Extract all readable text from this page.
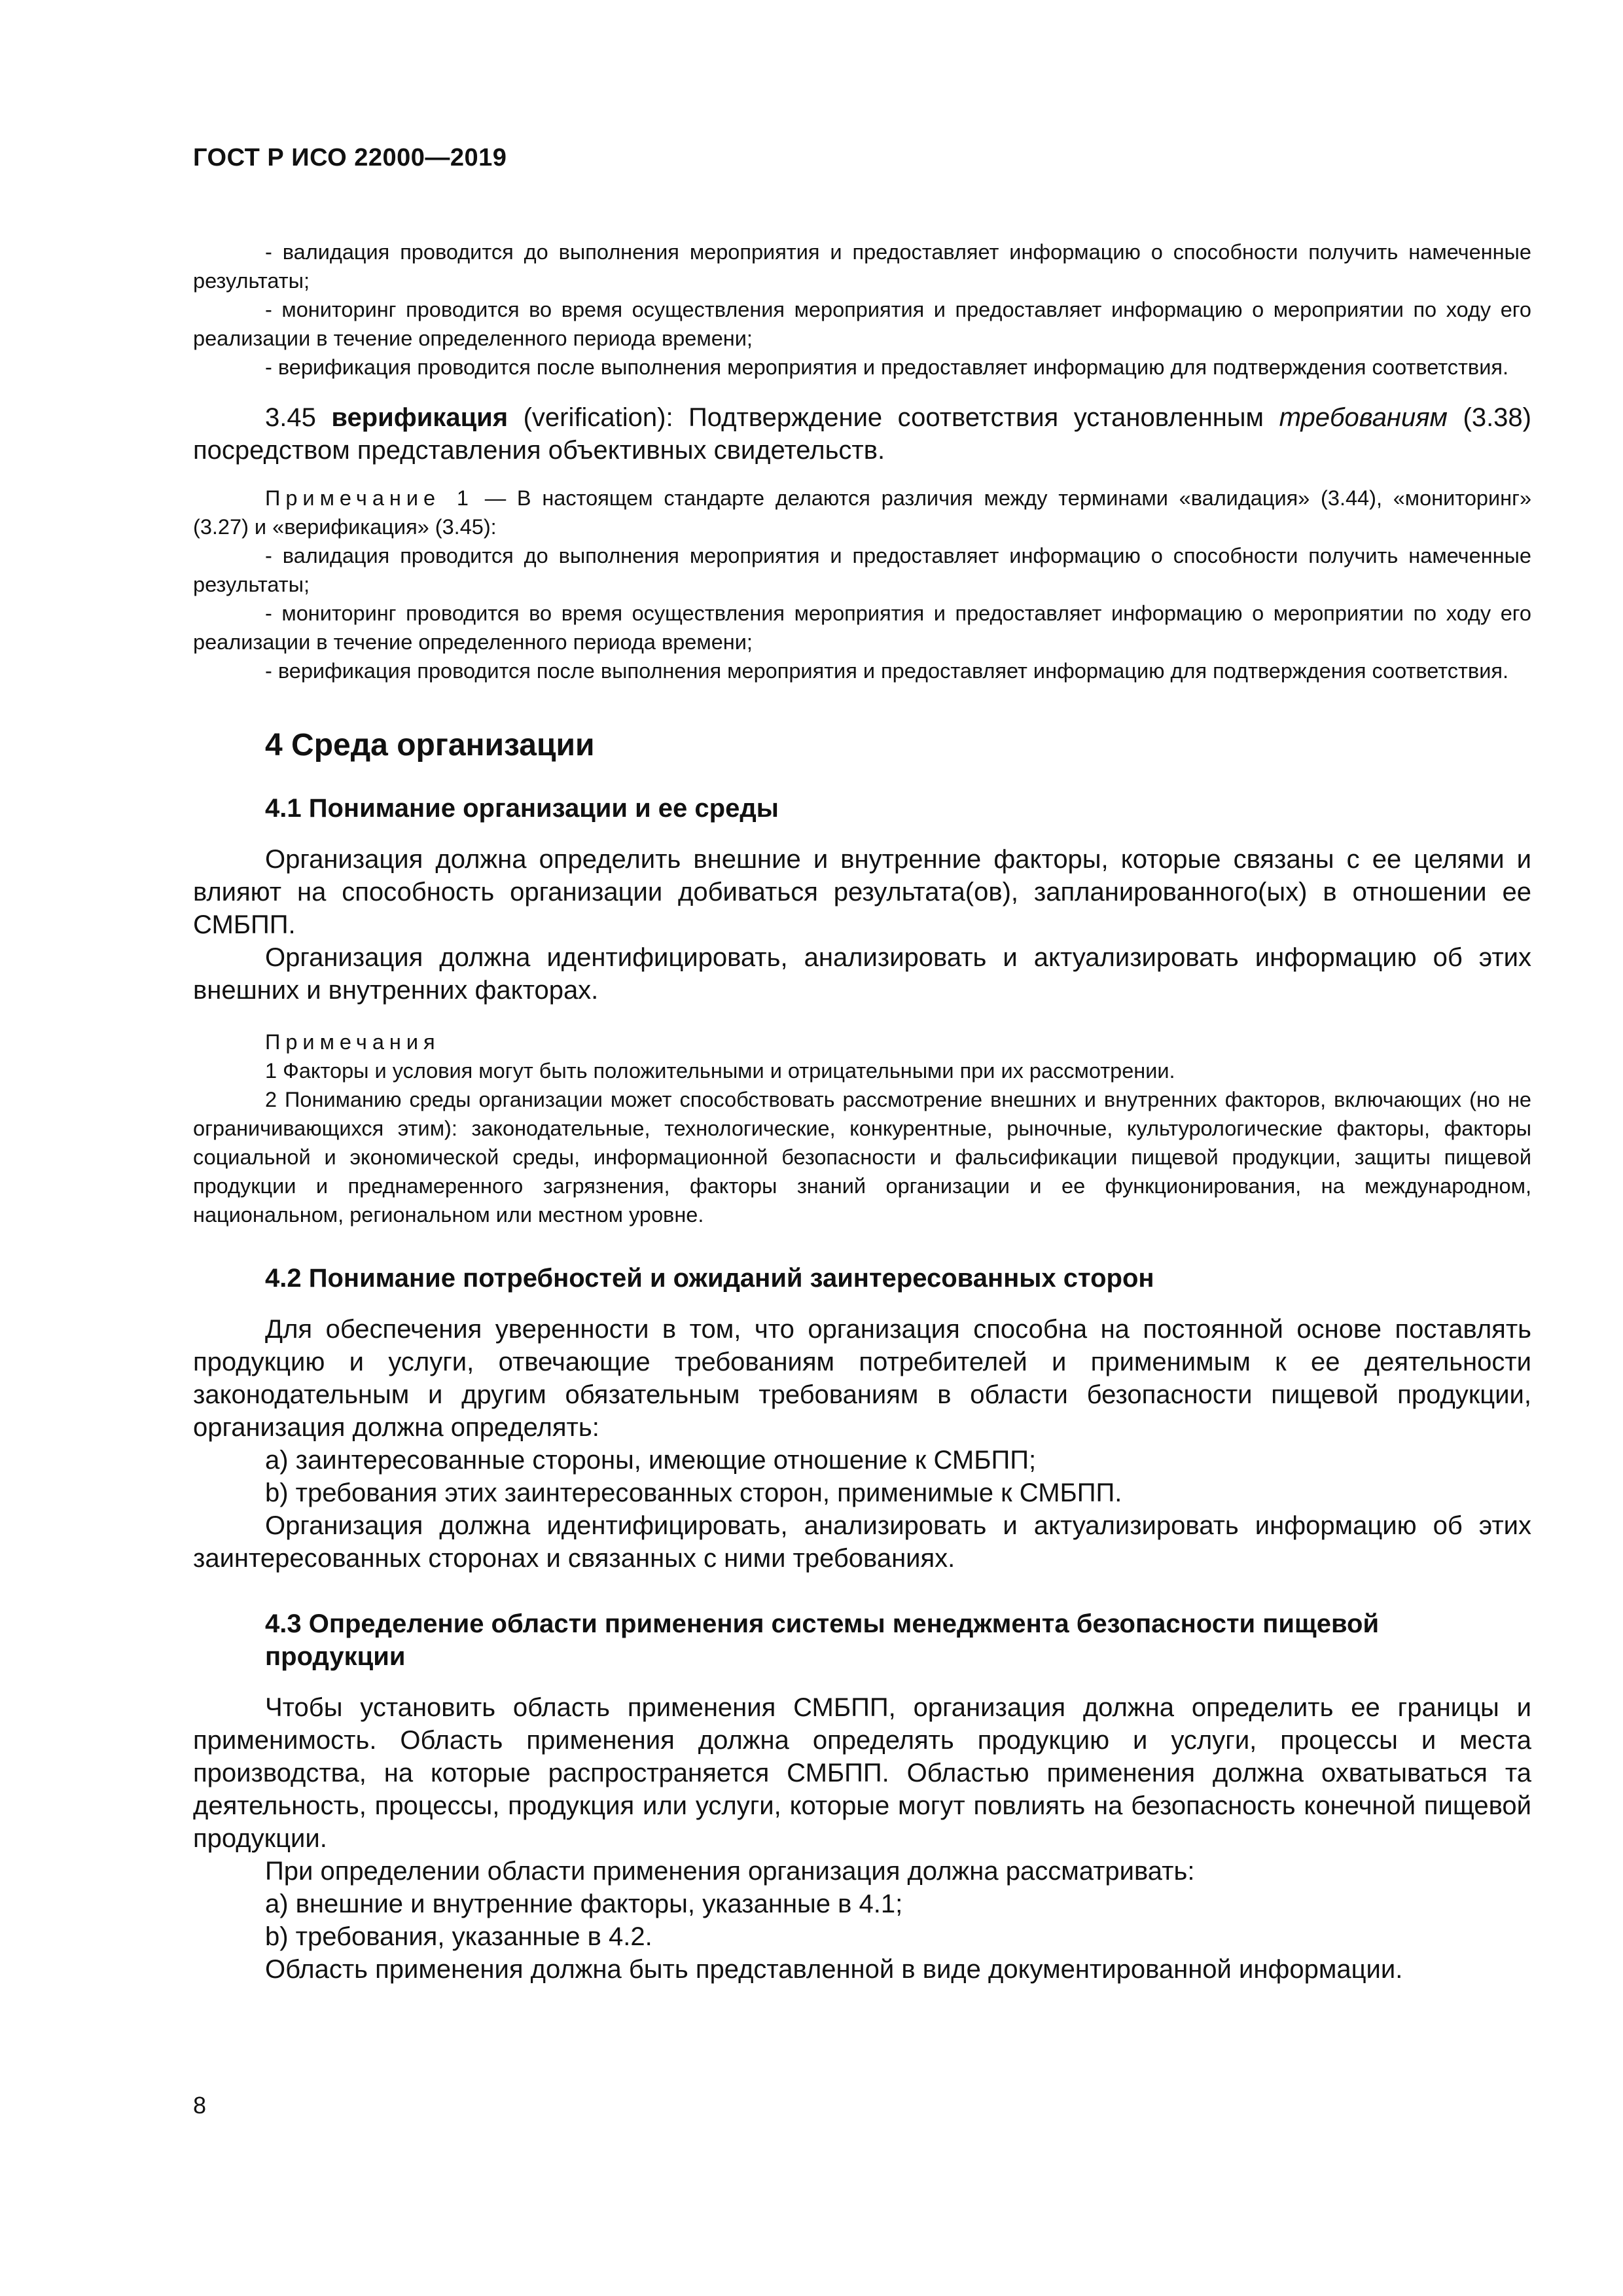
ГОСТ Р ИСО 22000—2019

- валидация проводится до выполнения мероприятия и предоставляет информацию о способности получить намеченные результаты;

- мониторинг проводится во время осуществления мероприятия и предоставляет информацию о мероприятии по ходу его реализации в течение определенного периода времени;

- верификация проводится после выполнения мероприятия и предоставляет информацию для подтверждения соответствия.

3.45 верификация (verification): Подтверждение соответствия установленным требованиям (3.38) посредством представления объективных свидетельств.

Примечание 1 — В настоящем стандарте делаются различия между терминами «валидация» (3.44), «мониторинг» (3.27) и «верификация» (3.45):

- валидация проводится до выполнения мероприятия и предоставляет информацию о способности получить намеченные результаты;

- мониторинг проводится во время осуществления мероприятия и предоставляет информацию о мероприятии по ходу его реализации в течение определенного периода времени;

- верификация проводится после выполнения мероприятия и предоставляет информацию для подтверждения соответствия.

4 Среда организации
4.1 Понимание организации и ее среды

Организация должна определить внешние и внутренние факторы, которые связаны с ее целями и влияют на способность организации добиваться результата(ов), запланированного(ых) в отношении ее СМБПП.

Организация должна идентифицировать, анализировать и актуализировать информацию об этих внешних и внутренних факторах.

Примечания

1 Факторы и условия могут быть положительными и отрицательными при их рассмотрении.

2 Пониманию среды организации может способствовать рассмотрение внешних и внутренних факторов, включающих (но не ограничивающихся этим): законодательные, технологические, конкурентные, рыночные, культурологические факторы, факторы социальной и экономической среды, информационной безопасности и фальсификации пищевой продукции, защиты пищевой продукции и преднамеренного загрязнения, факторы знаний организации и ее функционирования, на международном, национальном, региональном или местном уровне.

4.2 Понимание потребностей и ожиданий заинтересованных сторон

Для обеспечения уверенности в том, что организация способна на постоянной основе поставлять продукцию и услуги, отвечающие требованиям потребителей и применимым к ее деятельности законодательным и другим обязательным требованиям в области безопасности пищевой продукции, организация должна определять:

a) заинтересованные стороны, имеющие отношение к СМБПП;

b) требования этих заинтересованных сторон, применимые к СМБПП.

Организация должна идентифицировать, анализировать и актуализировать информацию об этих заинтересованных сторонах и связанных с ними требованиях.

4.3 Определение области применения системы менеджмента безопасности пищевой
продукции

Чтобы установить область применения СМБПП, организация должна определить ее границы и применимость. Область применения должна определять продукцию и услуги, процессы и места производства, на которые распространяется СМБПП. Областью применения должна охватываться та деятельность, процессы, продукция или услуги, которые могут повлиять на безопасность конечной пищевой продукции.

При определении области применения организация должна рассматривать:

a) внешние и внутренние факторы, указанные в 4.1;

b) требования, указанные в 4.2.

Область применения должна быть представленной в виде документированной информации.

8
